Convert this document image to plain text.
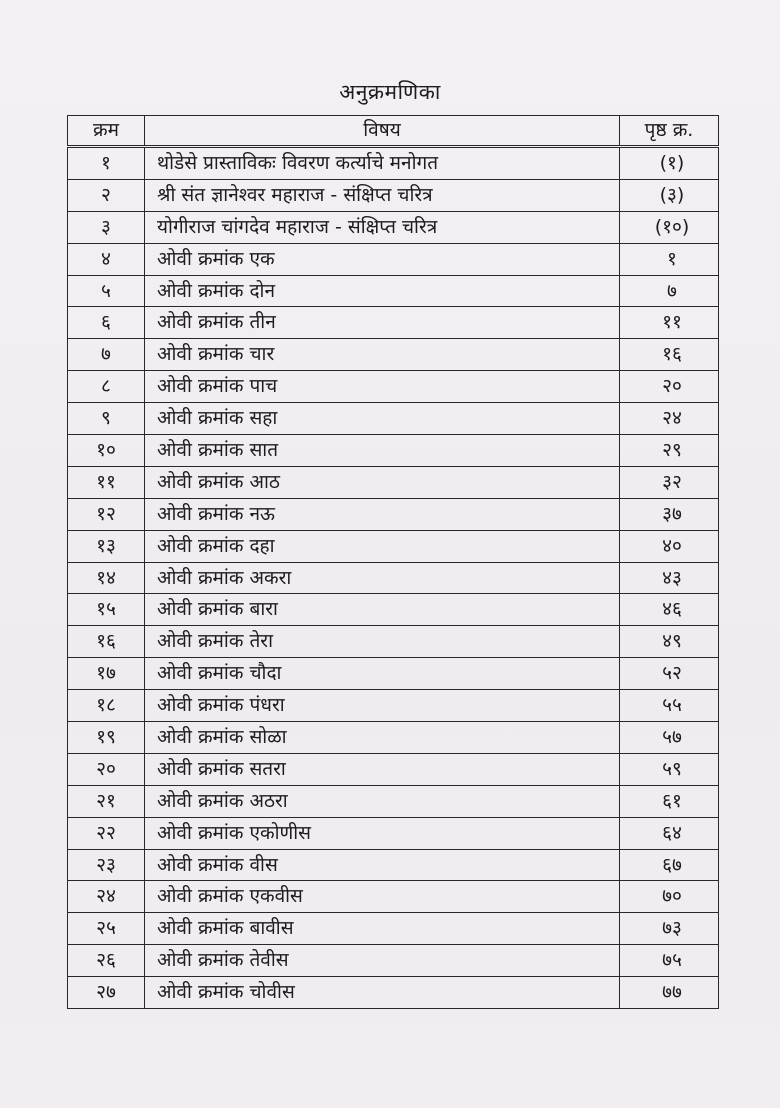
अनुक्रमणिका
क्रम	विषय	पृष्ठ क्र.
१	थोडेसे प्रास्ताविकः विवरण कर्त्याचे मनोगत	(१)
२	श्री संत ज्ञानेश्वर महाराज - संक्षिप्त चरित्र	(३)
३	योगीराज चांगदेव महाराज - संक्षिप्त चरित्र	(१०)
४	ओवी क्रमांक एक	१
५	ओवी क्रमांक दोन	७
६	ओवी क्रमांक तीन	११
७	ओवी क्रमांक चार	१६
८	ओवी क्रमांक पाच	२०
९	ओवी क्रमांक सहा	२४
१०	ओवी क्रमांक सात	२९
११	ओवी क्रमांक आठ	३२
१२	ओवी क्रमांक नऊ	३७
१३	ओवी क्रमांक दहा	४०
१४	ओवी क्रमांक अकरा	४३
१५	ओवी क्रमांक बारा	४६
१६	ओवी क्रमांक तेरा	४९
१७	ओवी क्रमांक चौदा	५२
१८	ओवी क्रमांक पंधरा	५५
१९	ओवी क्रमांक सोळा	५७
२०	ओवी क्रमांक सतरा	५९
२१	ओवी क्रमांक अठरा	६१
२२	ओवी क्रमांक एकोणीस	६४
२३	ओवी क्रमांक वीस	६७
२४	ओवी क्रमांक एकवीस	७०
२५	ओवी क्रमांक बावीस	७३
२६	ओवी क्रमांक तेवीस	७५
२७	ओवी क्रमांक चोवीस	७७
